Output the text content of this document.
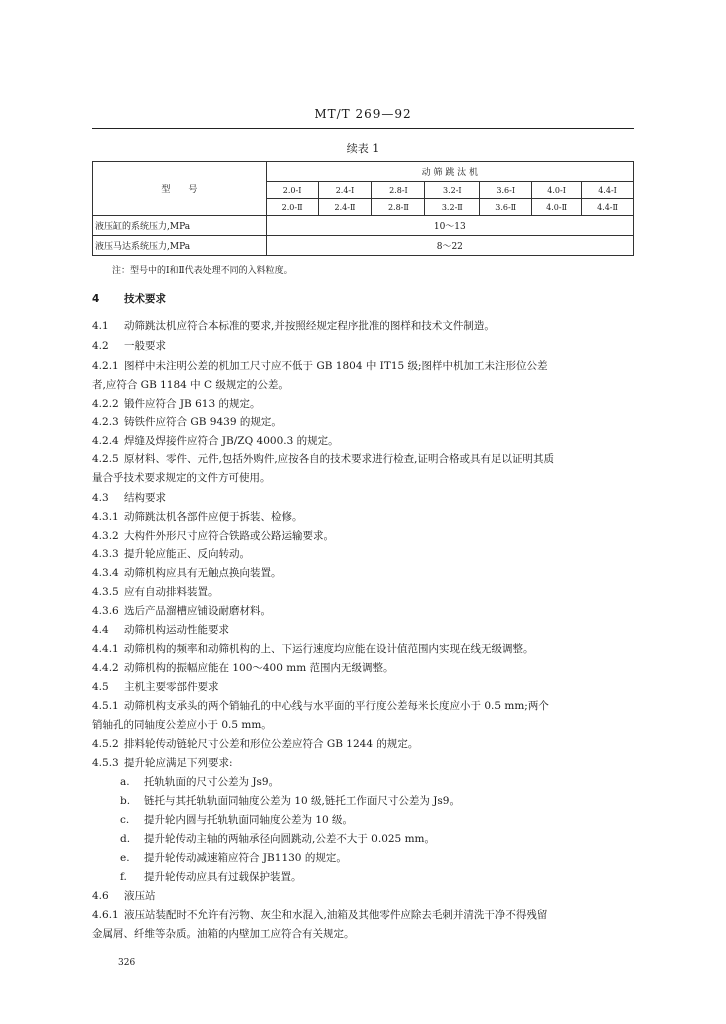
MT/T 269—92
续表 1
型　　号	动 筛 跳 汰 机						
	2.0-Ⅰ	2.4-Ⅰ	2.8-Ⅰ	3.2-Ⅰ	3.6-Ⅰ	4.0-Ⅰ	4.4-Ⅰ
	2.0-Ⅱ	2.4-Ⅱ	2.8-Ⅱ	3.2-Ⅱ	3.6-Ⅱ	4.0-Ⅱ	4.4-Ⅱ
液压缸的系统压力,MPa	10～13						
液压马达系统压力,MPa	8～22						
注：型号中的Ⅰ和Ⅱ代表处理不同的入料粒度。
4 技术要求
4.1 动筛跳汰机应符合本标准的要求,并按照经规定程序批准的图样和技术文件制造。
4.2 一般要求
4.2.1 图样中未注明公差的机加工尺寸应不低于 GB 1804 中 IT15 级;图样中机加工未注形位公差
者,应符合 GB 1184 中 C 级规定的公差。
4.2.2 锻件应符合 JB 613 的规定。
4.2.3 铸铁件应符合 GB 9439 的规定。
4.2.4 焊缝及焊接件应符合 JB/ZQ 4000.3 的规定。
4.2.5 原材料、零件、元件,包括外购件,应按各自的技术要求进行检查,证明合格或具有足以证明其质
量合乎技术要求规定的文件方可使用。
4.3 结构要求
4.3.1 动筛跳汰机各部件应便于拆装、检修。
4.3.2 大构件外形尺寸应符合铁路或公路运输要求。
4.3.3 提升轮应能正、反向转动。
4.3.4 动筛机构应具有无触点换向装置。
4.3.5 应有自动排料装置。
4.3.6 选后产品溜槽应铺设耐磨材料。
4.4 动筛机构运动性能要求
4.4.1 动筛机构的频率和动筛机构的上、下运行速度均应能在设计值范围内实现在线无级调整。
4.4.2 动筛机构的振幅应能在 100～400 mm 范围内无级调整。
4.5 主机主要零部件要求
4.5.1 动筛机构支承头的两个销轴孔的中心线与水平面的平行度公差每米长度应小于 0.5 mm;两个
销轴孔的同轴度公差应小于 0.5 mm。
4.5.2 排料轮传动链轮尺寸公差和形位公差应符合 GB 1244 的规定。
4.5.3 提升轮应满足下列要求:
a. 托轨轨面的尺寸公差为 Js9。
b. 链托与其托轨轨面同轴度公差为 10 级,链托工作面尺寸公差为 Js9。
c. 提升轮内圆与托轨轨面同轴度公差为 10 级。
d. 提升轮传动主轴的两轴承径向圆跳动,公差不大于 0.025 mm。
e. 提升轮传动减速箱应符合 JB1130 的规定。
f. 提升轮传动应具有过载保护装置。
4.6 液压站
4.6.1 液压站装配时不允许有污物、灰尘和水混入,油箱及其他零件应除去毛刺并清洗干净不得残留
金属屑、纤维等杂质。油箱的内壁加工应符合有关规定。
326
